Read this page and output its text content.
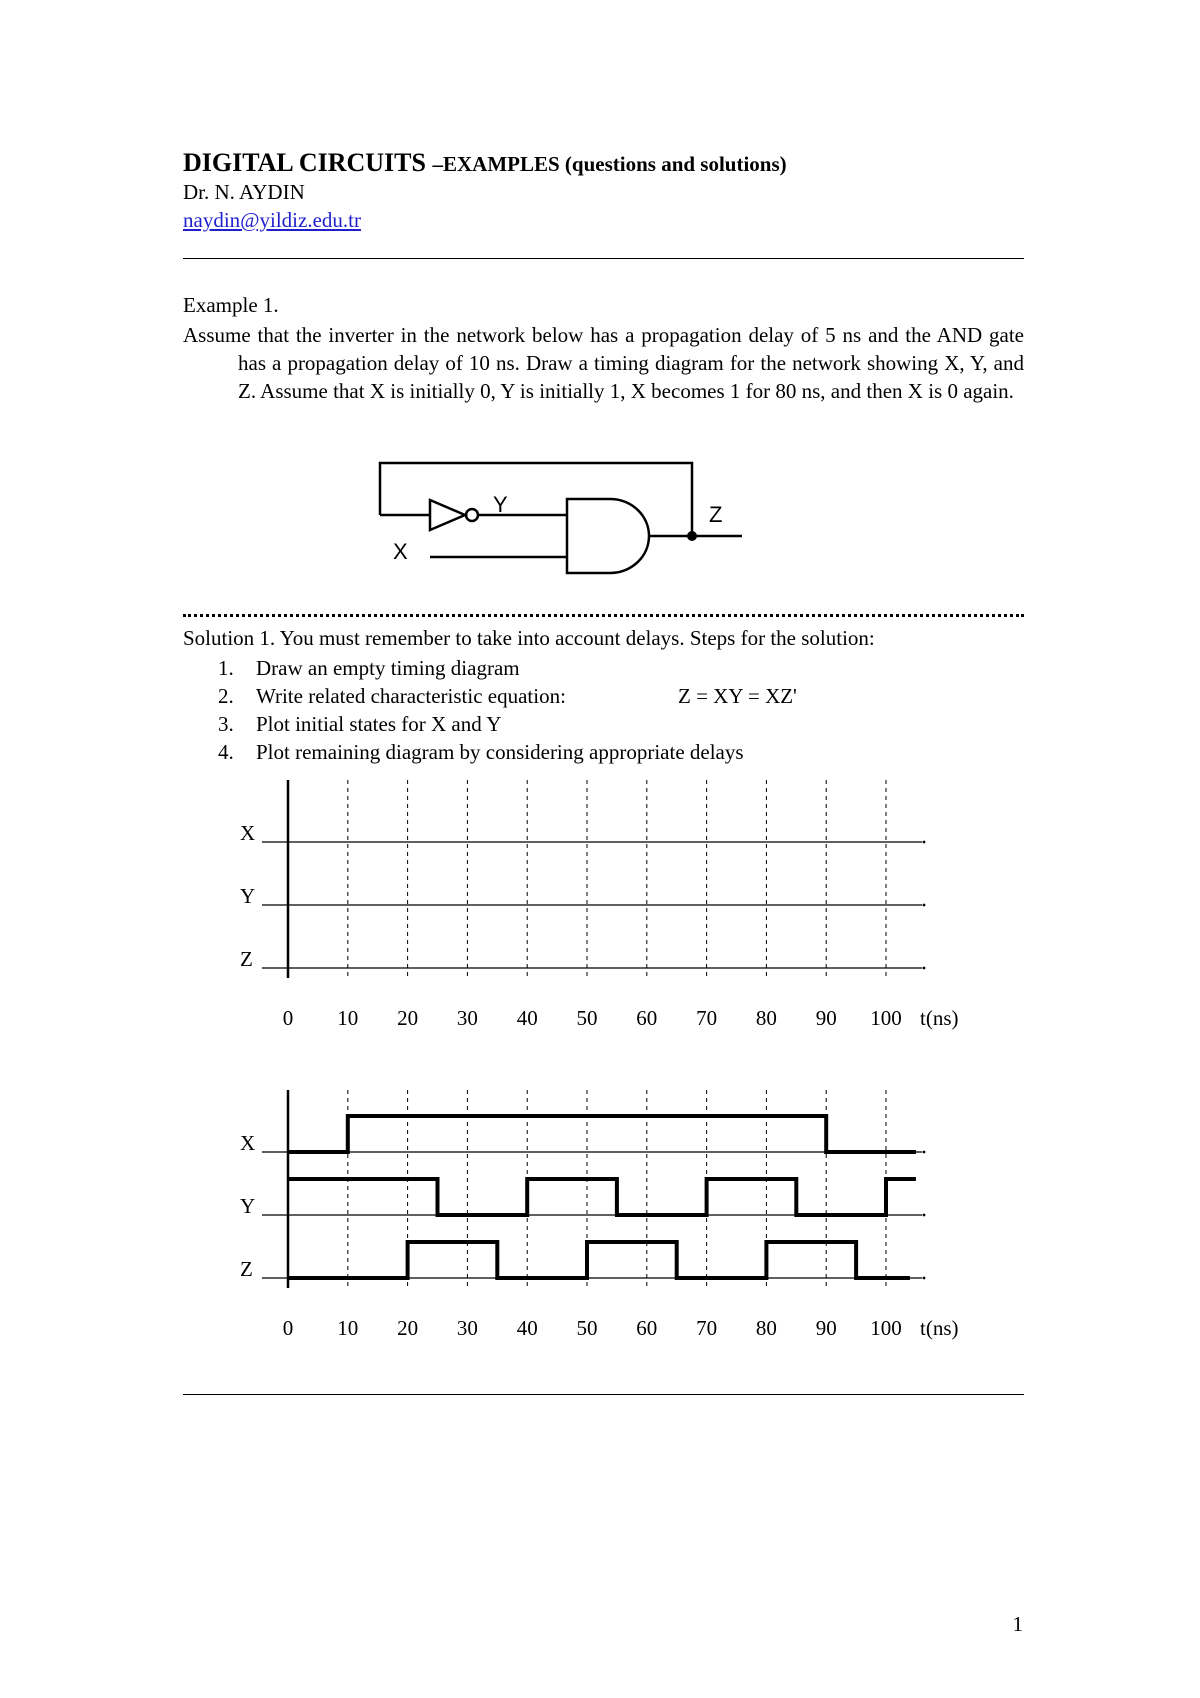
DIGITAL CIRCUITS –EXAMPLES (questions and solutions)
Dr. N. AYDIN
naydin@yildiz.edu.tr
Example 1.
Assume that the inverter in the network below has a propagation delay of 5 ns and the AND gate has a propagation delay of 10 ns. Draw a timing diagram for the network showing X, Y, and Z. Assume that X is initially 0, Y is initially 1, X becomes 1 for 80 ns, and then X is 0 again.
Y	Z
X
Solution 1. You must remember to take into account delays. Steps for the solution:
1. Draw an empty timing diagram
2. Write related characteristic equation:	Z = XY = XZ'
3. Plot initial states for X and Y
4. Plot remaining diagram by considering appropriate delays
X
Y
Z
0 10 20 30 40 50 60 70 80 90 100 t(ns)
X
Y
Z
0 10 20 30 40 50 60 70 80 90 100 t(ns)
1
